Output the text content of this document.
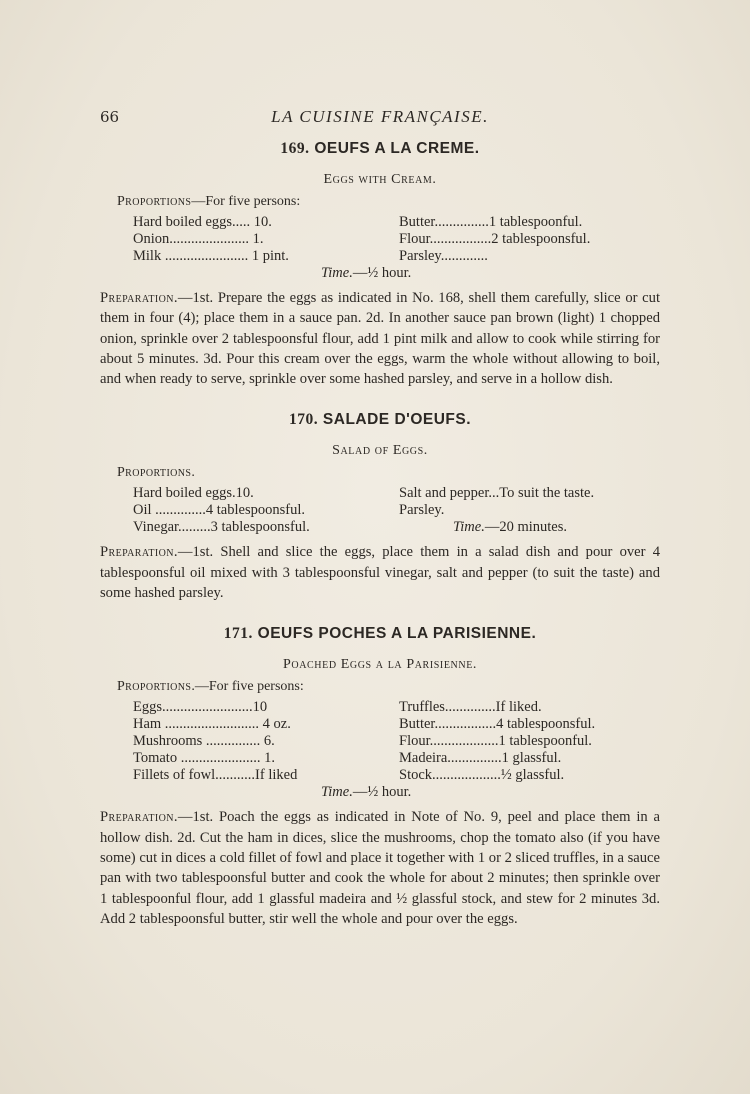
66	LA CUISINE FRANÇAISE.
169. OEUFS A LA CREME.
Eggs with Cream.
Proportions—For five persons:
Hard boiled eggs..... 10.	Butter...............1 tablespoonful.
Onion...................... 1.	Flour.................2 tablespoonsful.
Milk ....................... 1 pint.	Parsley.............
Time.—½ hour.

Preparation.—1st. Prepare the eggs as indicated in No. 168, shell them carefully, slice or cut them in four (4); place them in a sauce pan. 2d. In another sauce pan brown (light) 1 chopped onion, sprinkle over 2 tablespoonsful flour, add 1 pint milk and allow to cook while stirring for about 5 minutes. 3d. Pour this cream over the eggs, warm the whole without allowing to boil, and when ready to serve, sprinkle over some hashed parsley, and serve in a hollow dish.

170. SALADE D'OEUFS.
Salad of Eggs.
Proportions.
Hard boiled eggs.10.	Salt and pepper...To suit the taste.
Oil ..............4 tablespoonsful.	Parsley.
Vinegar.........3 tablespoonsful.	Time.—20 minutes.

Preparation.—1st. Shell and slice the eggs, place them in a salad dish and pour over 4 tablespoonsful oil mixed with 3 tablespoonsful vinegar, salt and pepper (to suit the taste) and some hashed parsley.

171. OEUFS POCHES A LA PARISIENNE.
Poached Eggs a la Parisienne.
Proportions.—For five persons:
Eggs.........................10	Truffles..............If liked.
Ham .......................... 4 oz.	Butter.................4 tablespoonsful.
Mushrooms ............... 6.	Flour...................1 tablespoonful.
Tomato ...................... 1.	Madeira...............1 glassful.
Fillets of fowl...........If liked	Stock...................½ glassful.
Time.—½ hour.

Preparation.—1st. Poach the eggs as indicated in Note of No. 9, peel and place them in a hollow dish. 2d. Cut the ham in dices, slice the mushrooms, chop the tomato also (if you have some) cut in dices a cold fillet of fowl and place it together with 1 or 2 sliced truffles, in a sauce pan with two tablespoonsful butter and cook the whole for about 2 minutes; then sprinkle over 1 tablespoonful flour, add 1 glassful madeira and ½ glassful stock, and stew for 2 minutes 3d. Add 2 tablespoonsful butter, stir well the whole and pour over the eggs.
